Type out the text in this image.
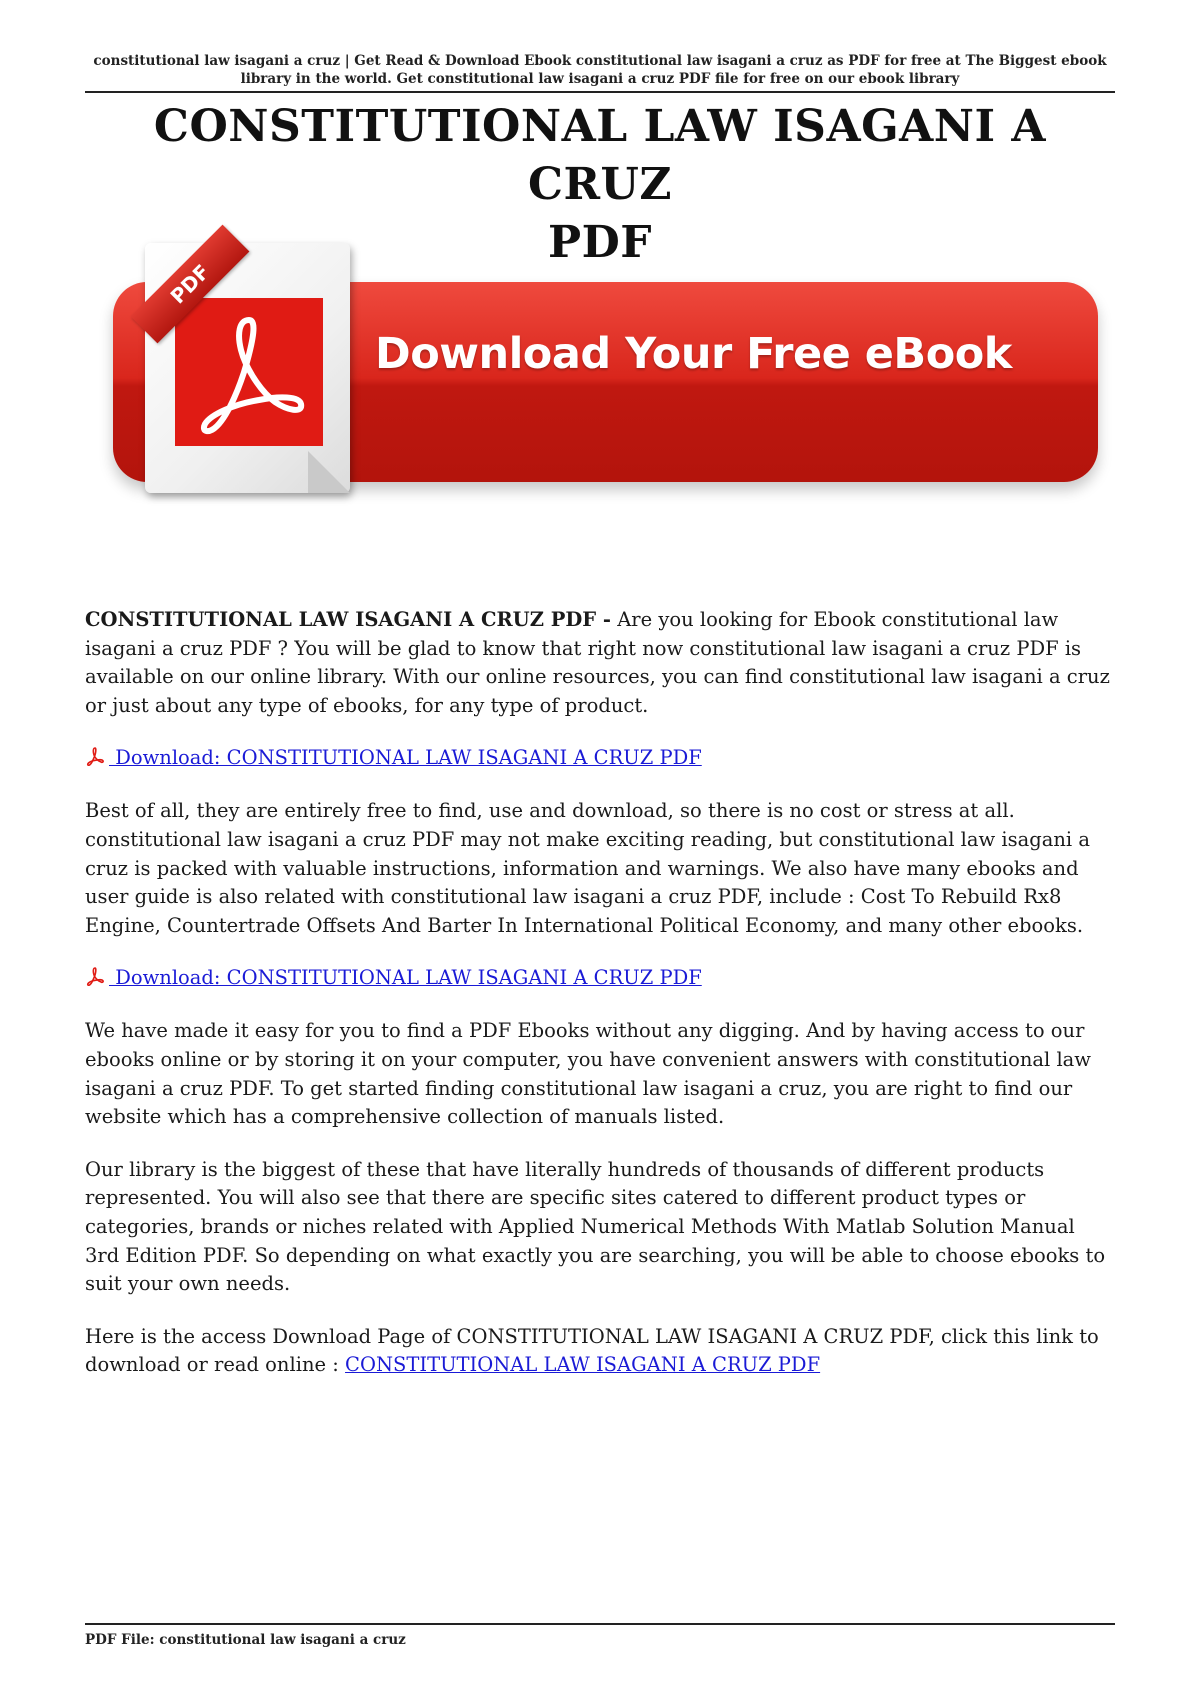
constitutional law isagani a cruz | Get Read & Download Ebook constitutional law isagani a cruz as PDF for free at The Biggest ebook
library in the world. Get constitutional law isagani a cruz PDF file for free on our ebook library
CONSTITUTIONAL LAW ISAGANI A CRUZ
PDF
Download Your Free eBook
PDF

CONSTITUTIONAL LAW ISAGANI A CRUZ PDF - Are you looking for Ebook constitutional law isagani a cruz PDF ? You will be glad to know that right now constitutional law isagani a cruz PDF is available on our online library. With our online resources, you can find constitutional law isagani a cruz or just about any type of ebooks, for any type of product.

Download: CONSTITUTIONAL LAW ISAGANI A CRUZ PDF

Best of all, they are entirely free to find, use and download, so there is no cost or stress at all. constitutional law isagani a cruz PDF may not make exciting reading, but constitutional law isagani a cruz is packed with valuable instructions, information and warnings. We also have many ebooks and user guide is also related with constitutional law isagani a cruz PDF, include : Cost To Rebuild Rx8 Engine, Countertrade Offsets And Barter In International Political Economy, and many other ebooks.

Download: CONSTITUTIONAL LAW ISAGANI A CRUZ PDF

We have made it easy for you to find a PDF Ebooks without any digging. And by having access to our ebooks online or by storing it on your computer, you have convenient answers with constitutional law isagani a cruz PDF. To get started finding constitutional law isagani a cruz, you are right to find our website which has a comprehensive collection of manuals listed.

Our library is the biggest of these that have literally hundreds of thousands of different products represented. You will also see that there are specific sites catered to different product types or categories, brands or niches related with Applied Numerical Methods With Matlab Solution Manual 3rd Edition PDF. So depending on what exactly you are searching, you will be able to choose ebooks to suit your own needs.

Here is the access Download Page of CONSTITUTIONAL LAW ISAGANI A CRUZ PDF, click this link to download or read online : CONSTITUTIONAL LAW ISAGANI A CRUZ PDF

PDF File: constitutional law isagani a cruz
